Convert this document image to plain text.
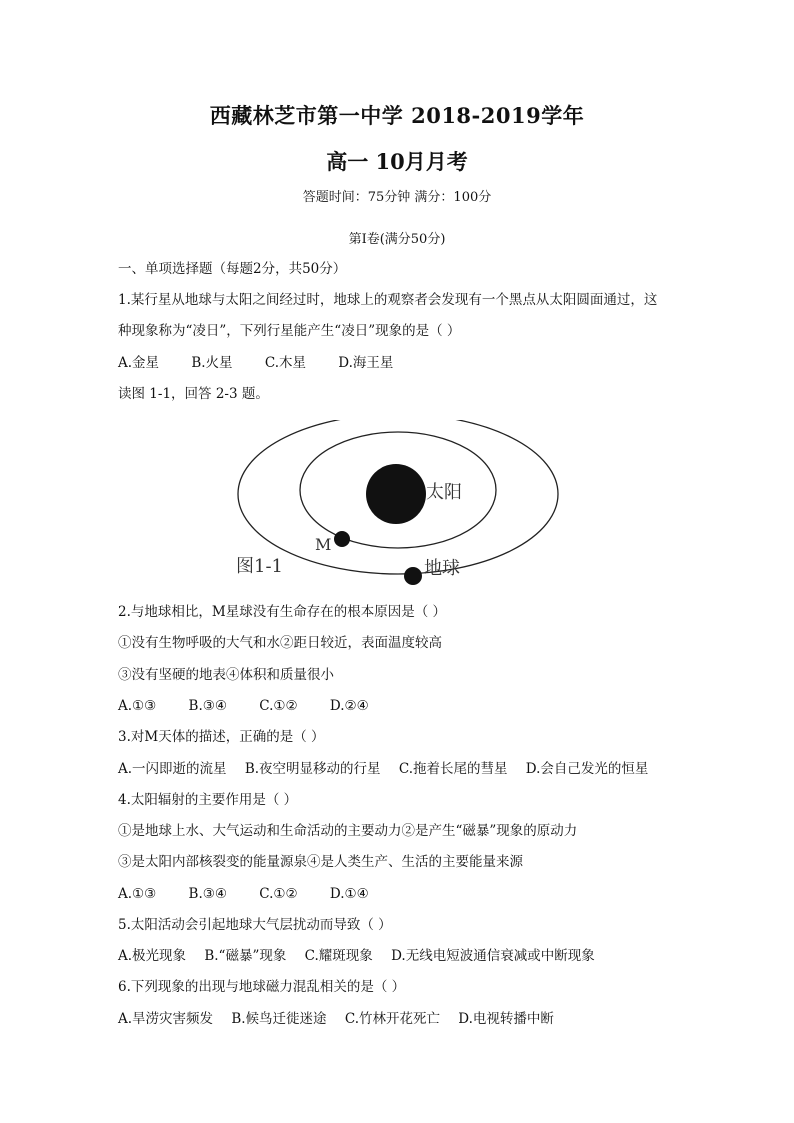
西藏林芝市第一中学 2018-2019学年
高一 10月月考
答题时间：75分钟 满分：100分
第Ⅰ卷(满分50分)
一、单项选择题（每题2分，共50分）
1.某行星从地球与太阳之间经过时，地球上的观察者会发现有一个黑点从太阳圆面通过，这
种现象称为“凌日”，下列行星能产生“凌日”现象的是（ ）
A.金星 B.火星 C.木星 D.海王星
读图 1-1，回答 2-3 题。
太阳
M
地球
图1-1
2.与地球相比，M星球没有生命存在的根本原因是（ ）
①没有生物呼吸的大气和水②距日较近，表面温度较高
③没有坚硬的地表④体积和质量很小
A.①③ B.③④ C.①② D.②④
3.对M天体的描述，正确的是（ ）
A.一闪即逝的流星 B.夜空明显移动的行星 C.拖着长尾的彗星 D.会自己发光的恒星
4.太阳辐射的主要作用是（ ）
①是地球上水、大气运动和生命活动的主要动力②是产生“磁暴”现象的原动力
③是太阳内部核裂变的能量源泉④是人类生产、生活的主要能量来源
A.①③ B.③④ C.①② D.①④
5.太阳活动会引起地球大气层扰动而导致（ ）
A.极光现象 B.“磁暴”现象 C.耀斑现象 D.无线电短波通信衰减或中断现象
6.下列现象的出现与地球磁力混乱相关的是（ ）
A.旱涝灾害频发 B.候鸟迁徙迷途 C.竹林开花死亡 D.电视转播中断
